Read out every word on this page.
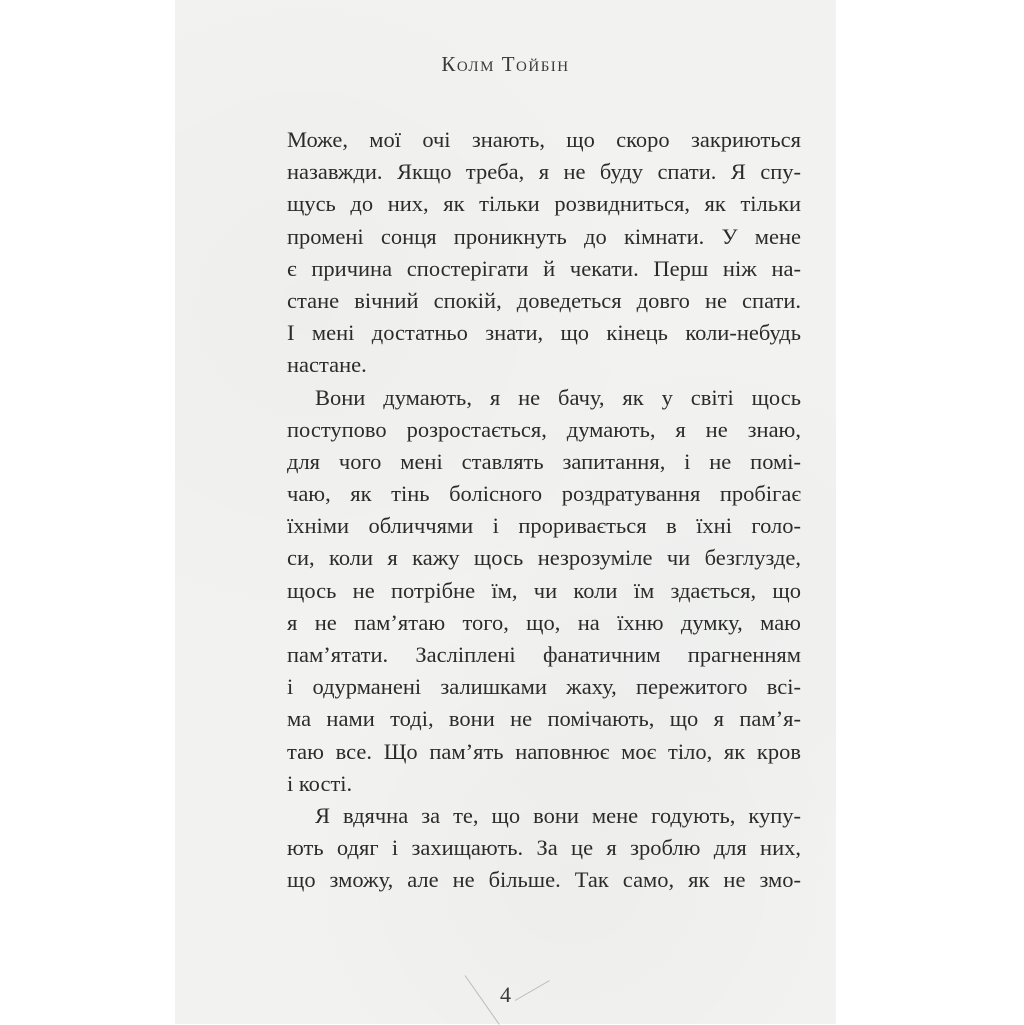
Колм Тойбін
Може, мої очі знають, що скоро закриються
назавжди. Якщо треба, я не буду спати. Я спу-
щусь до них, як тільки розвидниться, як тільки
промені сонця проникнуть до кімнати. У мене
є причина спостерігати й чекати. Перш ніж на-
стане вічний спокій, доведеться довго не спати.
І мені достатньо знати, що кінець коли-небудь
настане.
Вони думають, я не бачу, як у світі щось
поступово розростається, думають, я не знаю,
для чого мені ставлять запитання, і не помі-
чаю, як тінь болісного роздратування пробігає
їхніми обличчями і проривається в їхні голо-
си, коли я кажу щось незрозуміле чи безглузде,
щось не потрібне їм, чи коли їм здається, що
я не пам’ятаю того, що, на їхню думку, маю
пам’ятати. Засліплені фанатичним прагненням
і одурманені залишками жаху, пережитого всі-
ма нами тоді, вони не помічають, що я пам’я-
таю все. Що пам’ять наповнює моє тіло, як кров
і кості.
Я вдячна за те, що вони мене годують, купу-
ють одяг і захищають. За це я зроблю для них,
що зможу, але не більше. Так само, як не змо-
4
